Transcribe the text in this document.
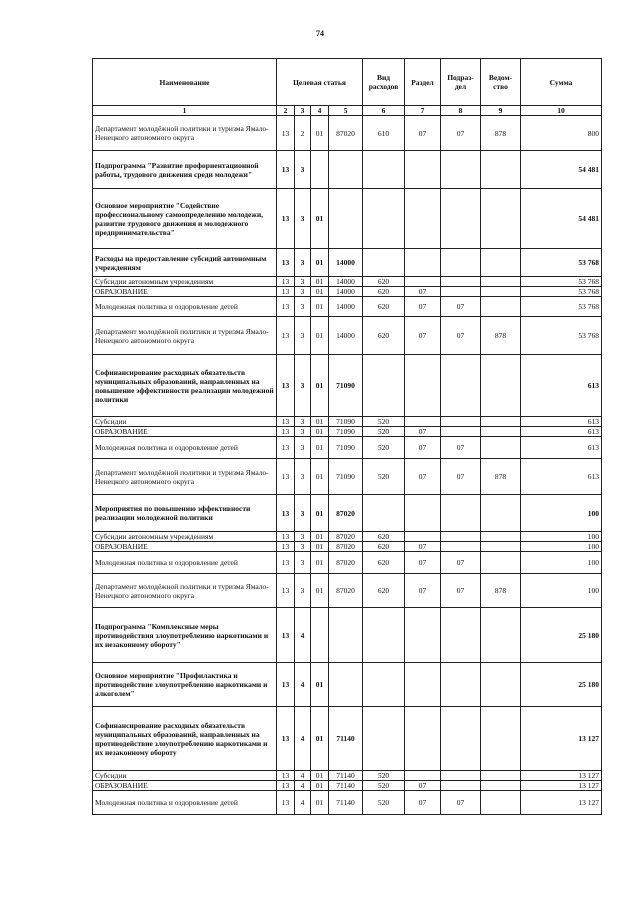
74
Наименование	Целевая статья				Вид расходов	Раздел	Подраз-дел	Ведом-ство	Сумма
1	2	3	4	5	6	7	8	9	10
Департамент молодёжной политики и туризма Ямало-Ненецкого автономного округа	13	2	01	87020	610	07	07	878	800
Подпрограмма "Развитие профориентационной работы, трудового движения среди молодежи"	13	3							54 481
Основное мероприятие "Содействие профессиональному самоопределению молодежи, развитие трудового движения и молодежного предпринимательства"	13	3	01						54 481
Расходы на предоставление субсидий автономным учреждениям	13	3	01	14000					53 768
Субсидии автономным учреждениям	13	3	01	14000	620				53 768
ОБРАЗОВАНИЕ	13	3	01	14000	620	07			53 768
Молодежная политика и оздоровление детей	13	3	01	14000	620	07	07		53 768
Департамент молодёжной политики и туризма Ямало-Ненецкого автономного округа	13	3	01	14000	620	07	07	878	53 768
Софинансирование расходных обязательств муниципальных образований, направленных на повышение эффективности реализации молодежной политики	13	3	01	71090					613
Субсидии	13	3	01	71090	520				613
ОБРАЗОВАНИЕ	13	3	01	71090	520	07			613
Молодежная политика и оздоровление детей	13	3	01	71090	520	07	07		613
Департамент молодёжной политики и туризма Ямало-Ненецкого автономного округа	13	3	01	71090	520	07	07	878	613
Мероприятия по повышению эффективности реализации молодежной политики	13	3	01	87020					100
Субсидии автономным учреждениям	13	3	01	87020	620				100
ОБРАЗОВАНИЕ	13	3	01	87020	620	07			100
Молодежная политика и оздоровление детей	13	3	01	87020	620	07	07		100
Департамент молодёжной политики и туризма Ямало-Ненецкого автономного округа	13	3	01	87020	620	07	07	878	100
Подпрограмма "Комплексные меры противодействия злоупотреблению наркотиками и их незаконному обороту"	13	4							25 180
Основное мероприятие "Профилактика и противодействие злоупотреблению наркотиками и алкоголем"	13	4	01						25 180
Софинансирование расходных обязательств муниципальных образований, направленных на противодействие злоупотреблению наркотиками и их незаконному обороту	13	4	01	71140					13 127
Субсидии	13	4	01	71140	520				13 127
ОБРАЗОВАНИЕ	13	4	01	71140	520	07			13 127
Молодежная политика и оздоровление детей	13	4	01	71140	520	07	07		13 127
